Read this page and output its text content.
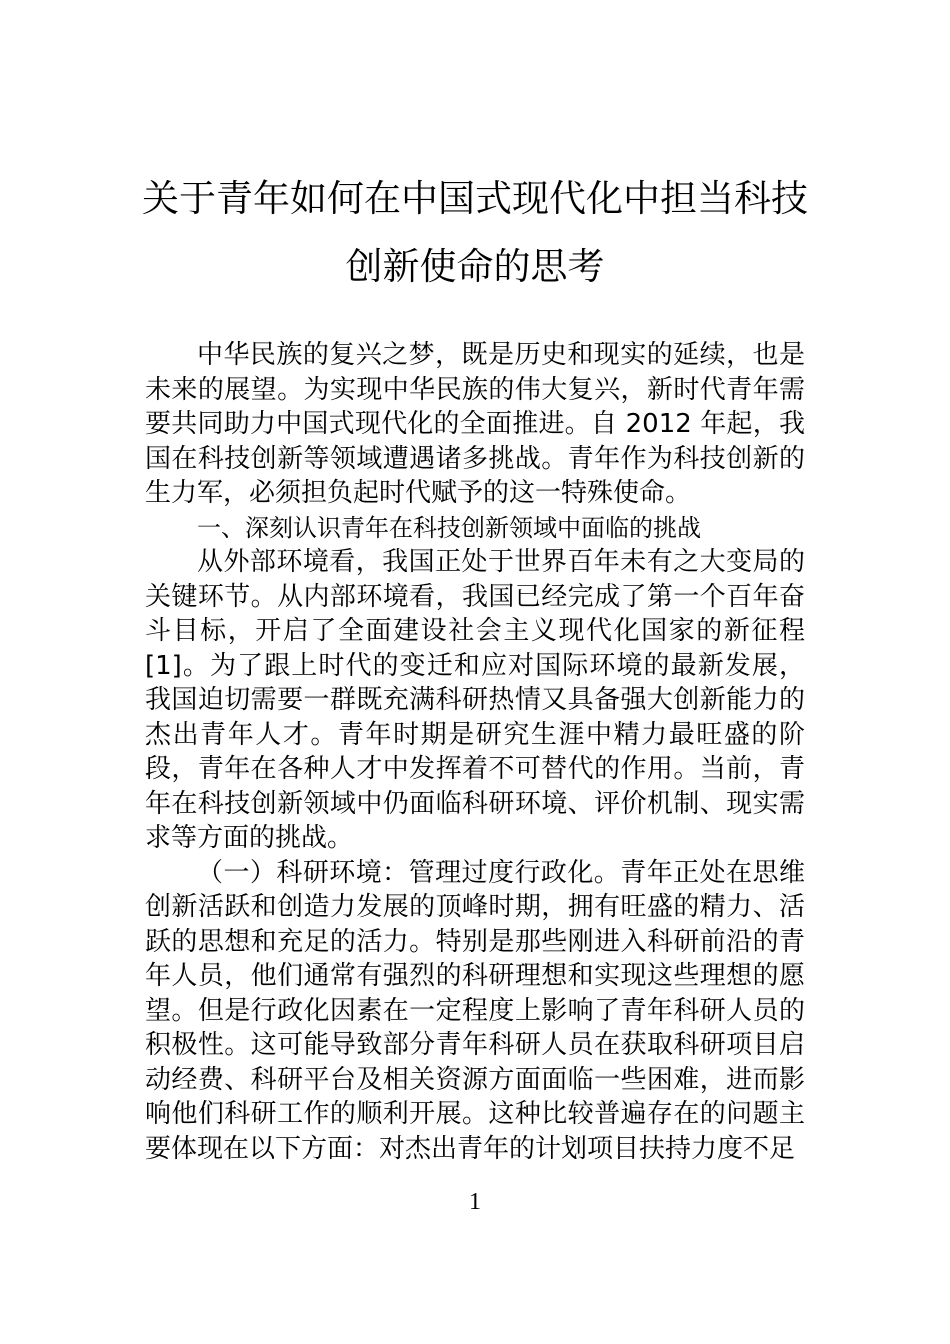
关于青年如何在中国式现代化中担当科技
创新使命的思考

中华民族的复兴之梦，既是历史和现实的延续，也是未来的展望。为实现中华民族的伟大复兴，新时代青年需要共同助力中国式现代化的全面推进。自 2012 年起，我国在科技创新等领域遭遇诸多挑战。青年作为科技创新的生力军，必须担负起时代赋予的这一特殊使命。

一、深刻认识青年在科技创新领域中面临的挑战

从外部环境看，我国正处于世界百年未有之大变局的关键环节。从内部环境看，我国已经完成了第一个百年奋斗目标，开启了全面建设社会主义现代化国家的新征程[1]。为了跟上时代的变迁和应对国际环境的最新发展，我国迫切需要一群既充满科研热情又具备强大创新能力的杰出青年人才。青年时期是研究生涯中精力最旺盛的阶段，青年在各种人才中发挥着不可替代的作用。当前，青年在科技创新领域中仍面临科研环境、评价机制、现实需求等方面的挑战。

（一）科研环境：管理过度行政化。青年正处在思维创新活跃和创造力发展的顶峰时期，拥有旺盛的精力、活跃的思想和充足的活力。特别是那些刚进入科研前沿的青年人员，他们通常有强烈的科研理想和实现这些理想的愿望。但是行政化因素在一定程度上影响了青年科研人员的积极性。这可能导致部分青年科研人员在获取科研项目启动经费、科研平台及相关资源方面面临一些困难，进而影响他们科研工作的顺利开展。这种比较普遍存在的问题主要体现在以下方面：对杰出青年的计划项目扶持力度不足

1
